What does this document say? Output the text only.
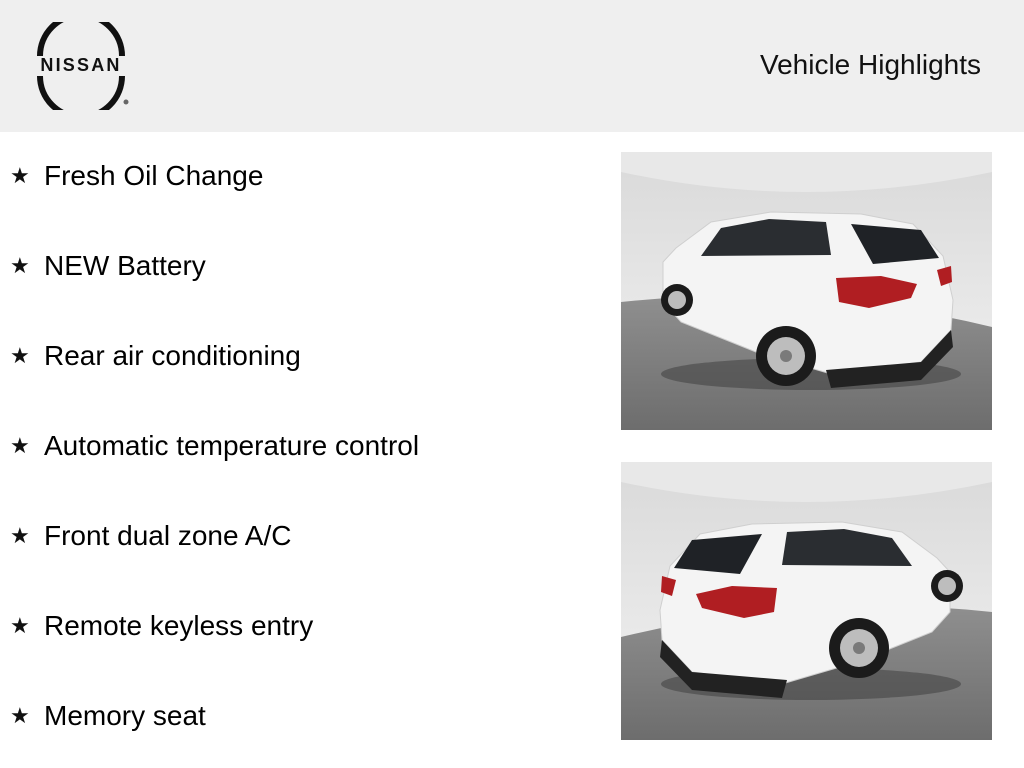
NISSAN	Vehicle Highlights
★ Fresh Oil Change
★ NEW Battery
★ Rear air conditioning
★ Automatic temperature control
★ Front dual zone A/C
★ Remote keyless entry
★ Memory seat
